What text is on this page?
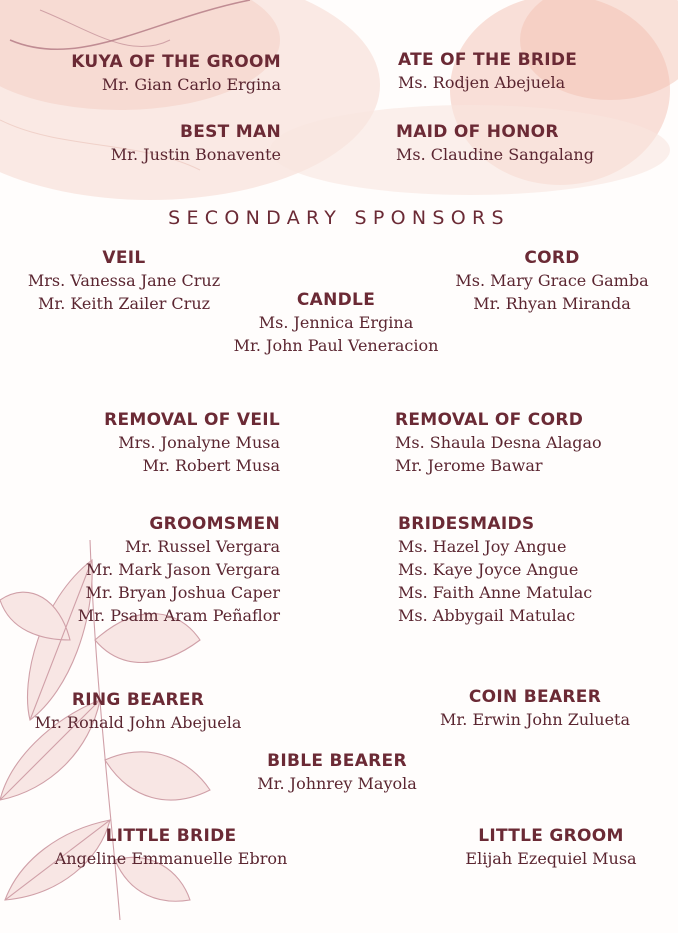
KUYA OF THE GROOM
Mr. Gian Carlo Ergina
ATE OF THE BRIDE
Ms. Rodjen Abejuela
BEST MAN
Mr. Justin Bonavente
MAID OF HONOR
Ms. Claudine Sangalang
SECONDARY SPONSORS
VEIL
Mrs. Vanessa Jane Cruz
Mr. Keith Zailer Cruz
CORD
Ms. Mary Grace Gamba
Mr. Rhyan Miranda
CANDLE
Ms. Jennica Ergina
Mr. John Paul Veneracion
REMOVAL OF VEIL
Mrs. Jonalyne Musa
Mr. Robert Musa
REMOVAL OF CORD
Ms. Shaula Desna Alagao
Mr. Jerome Bawar
GROOMSMEN
Mr. Russel Vergara
Mr. Mark Jason Vergara
Mr. Bryan Joshua Caper
Mr. Psalm Aram Peñaflor
BRIDESMAIDS
Ms. Hazel Joy Angue
Ms. Kaye Joyce Angue
Ms. Faith Anne Matulac
Ms. Abbygail Matulac
RING BEARER
Mr. Ronald John Abejuela
COIN BEARER
Mr. Erwin John Zulueta
BIBLE BEARER
Mr. Johnrey Mayola
LITTLE BRIDE
Angeline Emmanuelle Ebron
LITTLE GROOM
Elijah Ezequiel Musa
